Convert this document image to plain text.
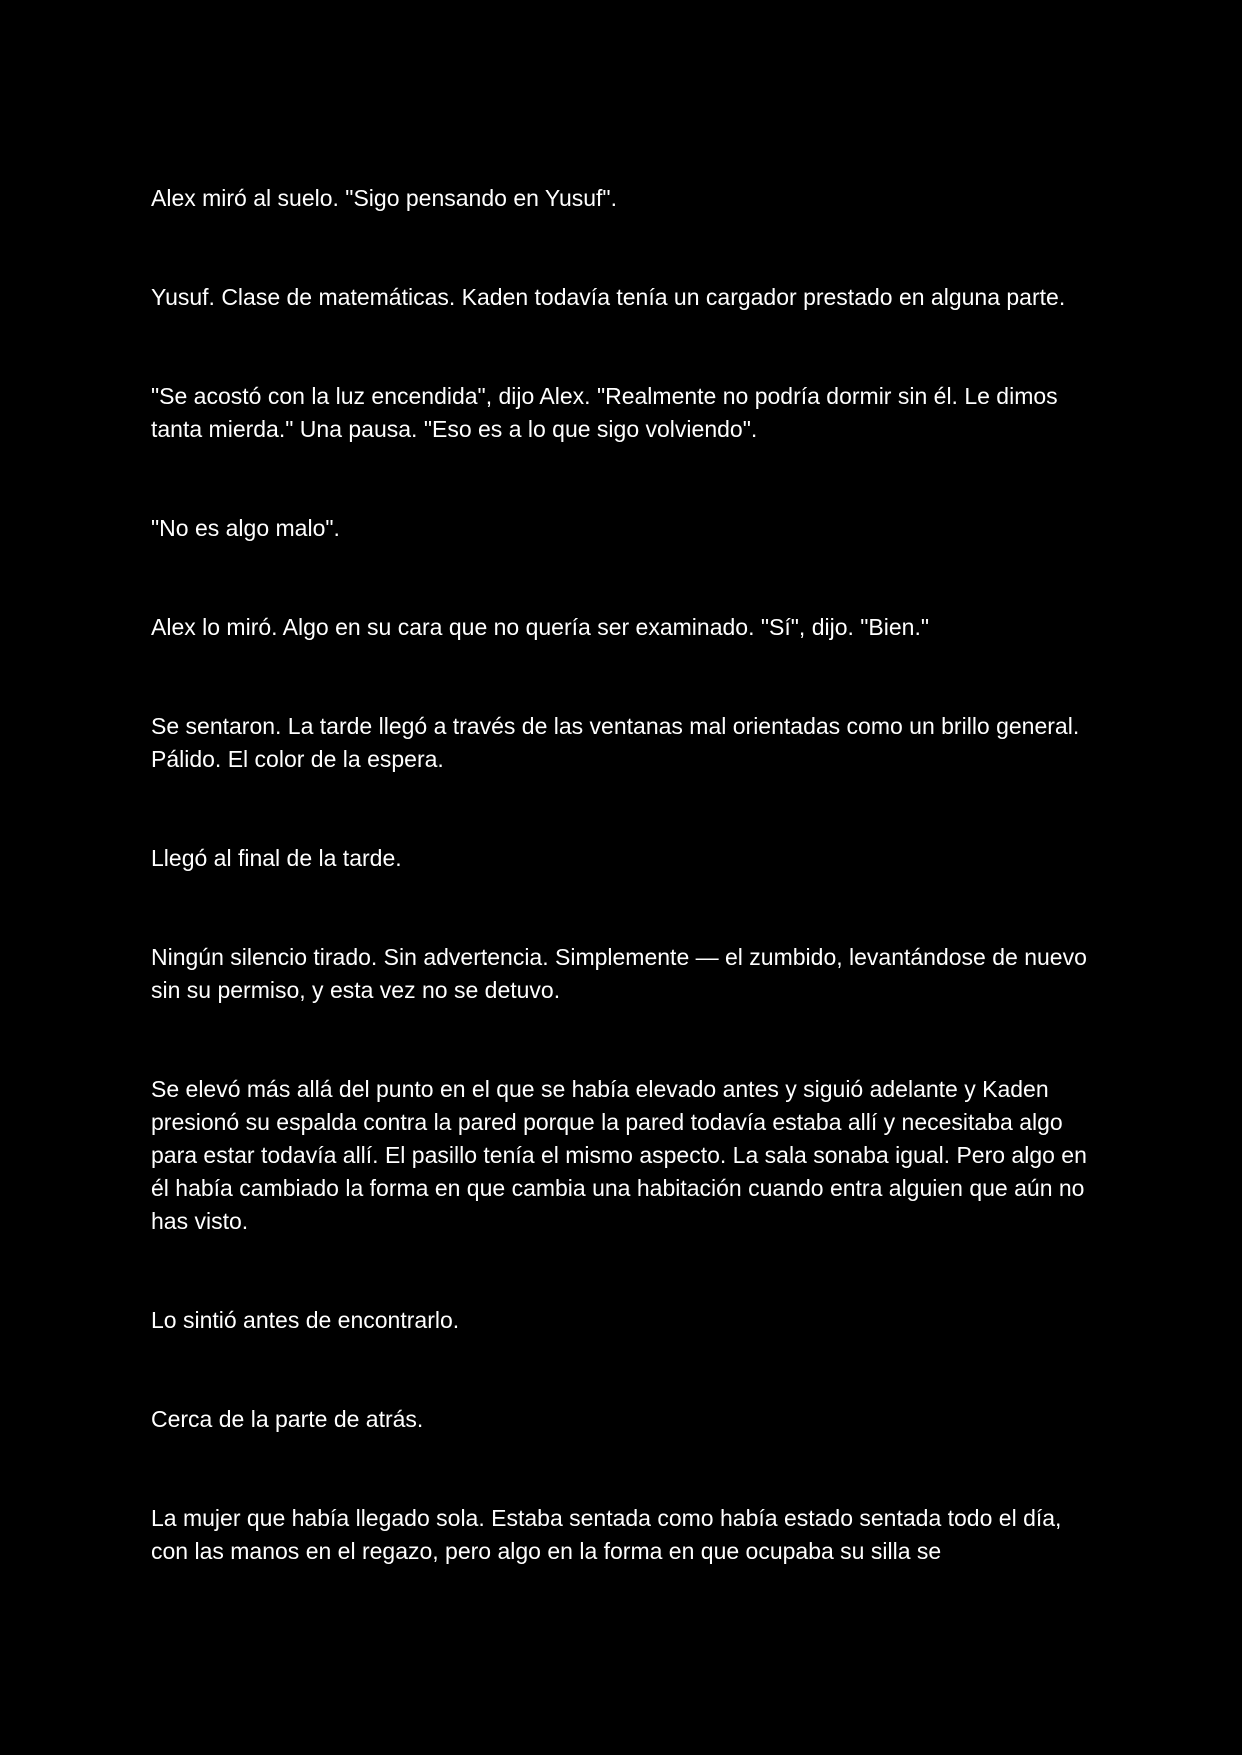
Alex miró al suelo. "Sigo pensando en Yusuf".

Yusuf. Clase de matemáticas. Kaden todavía tenía un cargador prestado en alguna parte.

"Se acostó con la luz encendida", dijo Alex. "Realmente no podría dormir sin él. Le dimos tanta mierda." Una pausa. "Eso es a lo que sigo volviendo".

"No es algo malo".

Alex lo miró. Algo en su cara que no quería ser examinado. "Sí", dijo. "Bien."

Se sentaron. La tarde llegó a través de las ventanas mal orientadas como un brillo general. Pálido. El color de la espera.

Llegó al final de la tarde.

Ningún silencio tirado. Sin advertencia. Simplemente — el zumbido, levantándose de nuevo sin su permiso, y esta vez no se detuvo.

Se elevó más allá del punto en el que se había elevado antes y siguió adelante y Kaden presionó su espalda contra la pared porque la pared todavía estaba allí y necesitaba algo para estar todavía allí. El pasillo tenía el mismo aspecto. La sala sonaba igual. Pero algo en él había cambiado la forma en que cambia una habitación cuando entra alguien que aún no has visto.

Lo sintió antes de encontrarlo.

Cerca de la parte de atrás.

La mujer que había llegado sola. Estaba sentada como había estado sentada todo el día, con las manos en el regazo, pero algo en la forma en que ocupaba su silla se
